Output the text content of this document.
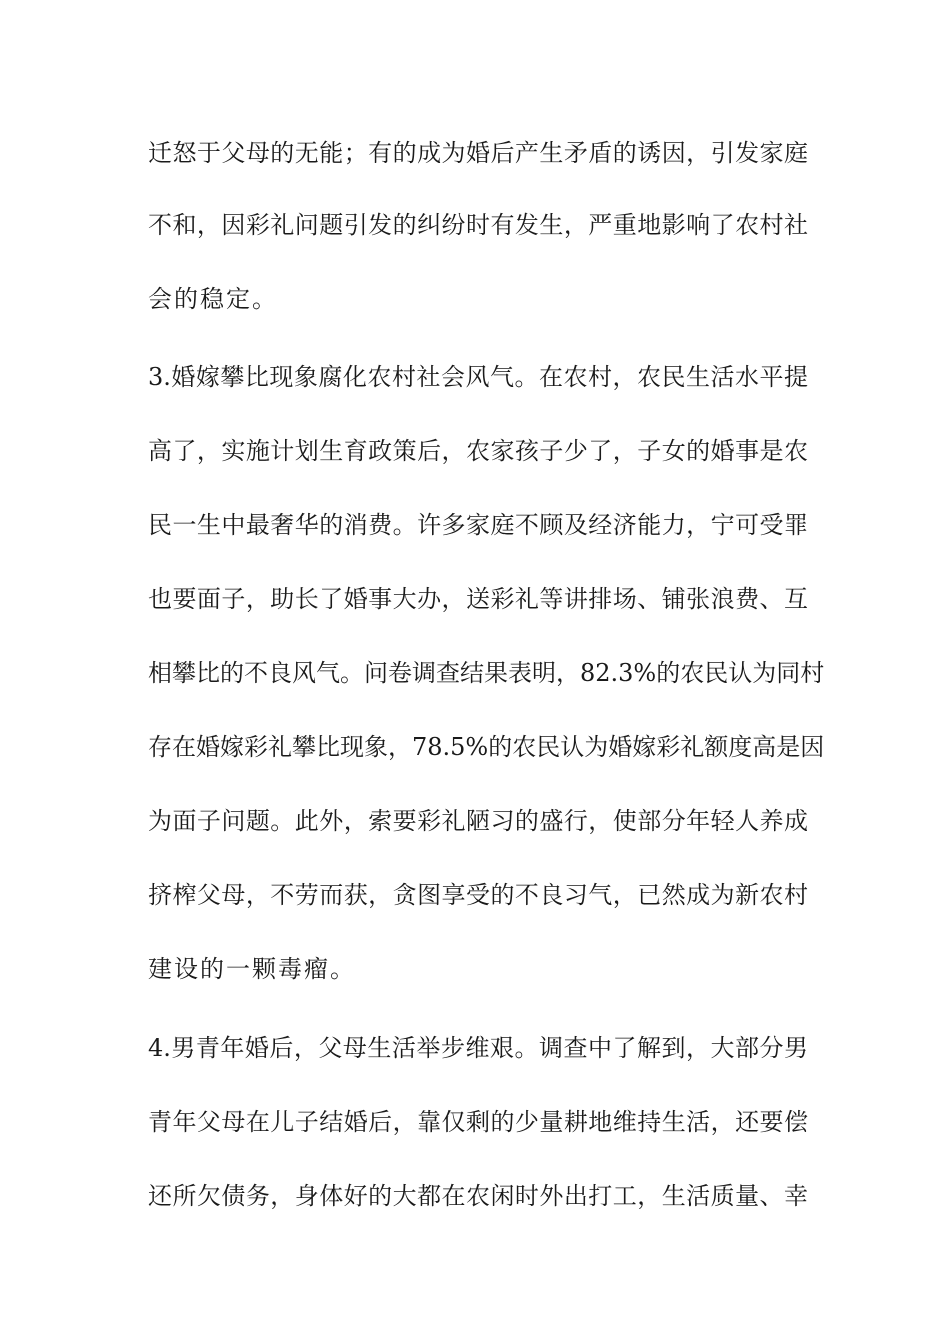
迁怒于父母的无能；有的成为婚后产生矛盾的诱因，引发家庭
不和，因彩礼问题引发的纠纷时有发生，严重地影响了农村社
会的稳定。
3.婚嫁攀比现象腐化农村社会风气。在农村，农民生活水平提
高了，实施计划生育政策后，农家孩子少了，子女的婚事是农
民一生中最奢华的消费。许多家庭不顾及经济能力，宁可受罪
也要面子，助长了婚事大办，送彩礼等讲排场、铺张浪费、互
相攀比的不良风气。问卷调查结果表明，82.3%的农民认为同村
存在婚嫁彩礼攀比现象，78.5%的农民认为婚嫁彩礼额度高是因
为面子问题。此外，索要彩礼陋习的盛行，使部分年轻人养成
挤榨父母，不劳而获，贪图享受的不良习气，已然成为新农村
建设的一颗毒瘤。
4.男青年婚后，父母生活举步维艰。调查中了解到，大部分男
青年父母在儿子结婚后，靠仅剩的少量耕地维持生活，还要偿
还所欠债务，身体好的大都在农闲时外出打工，生活质量、幸
